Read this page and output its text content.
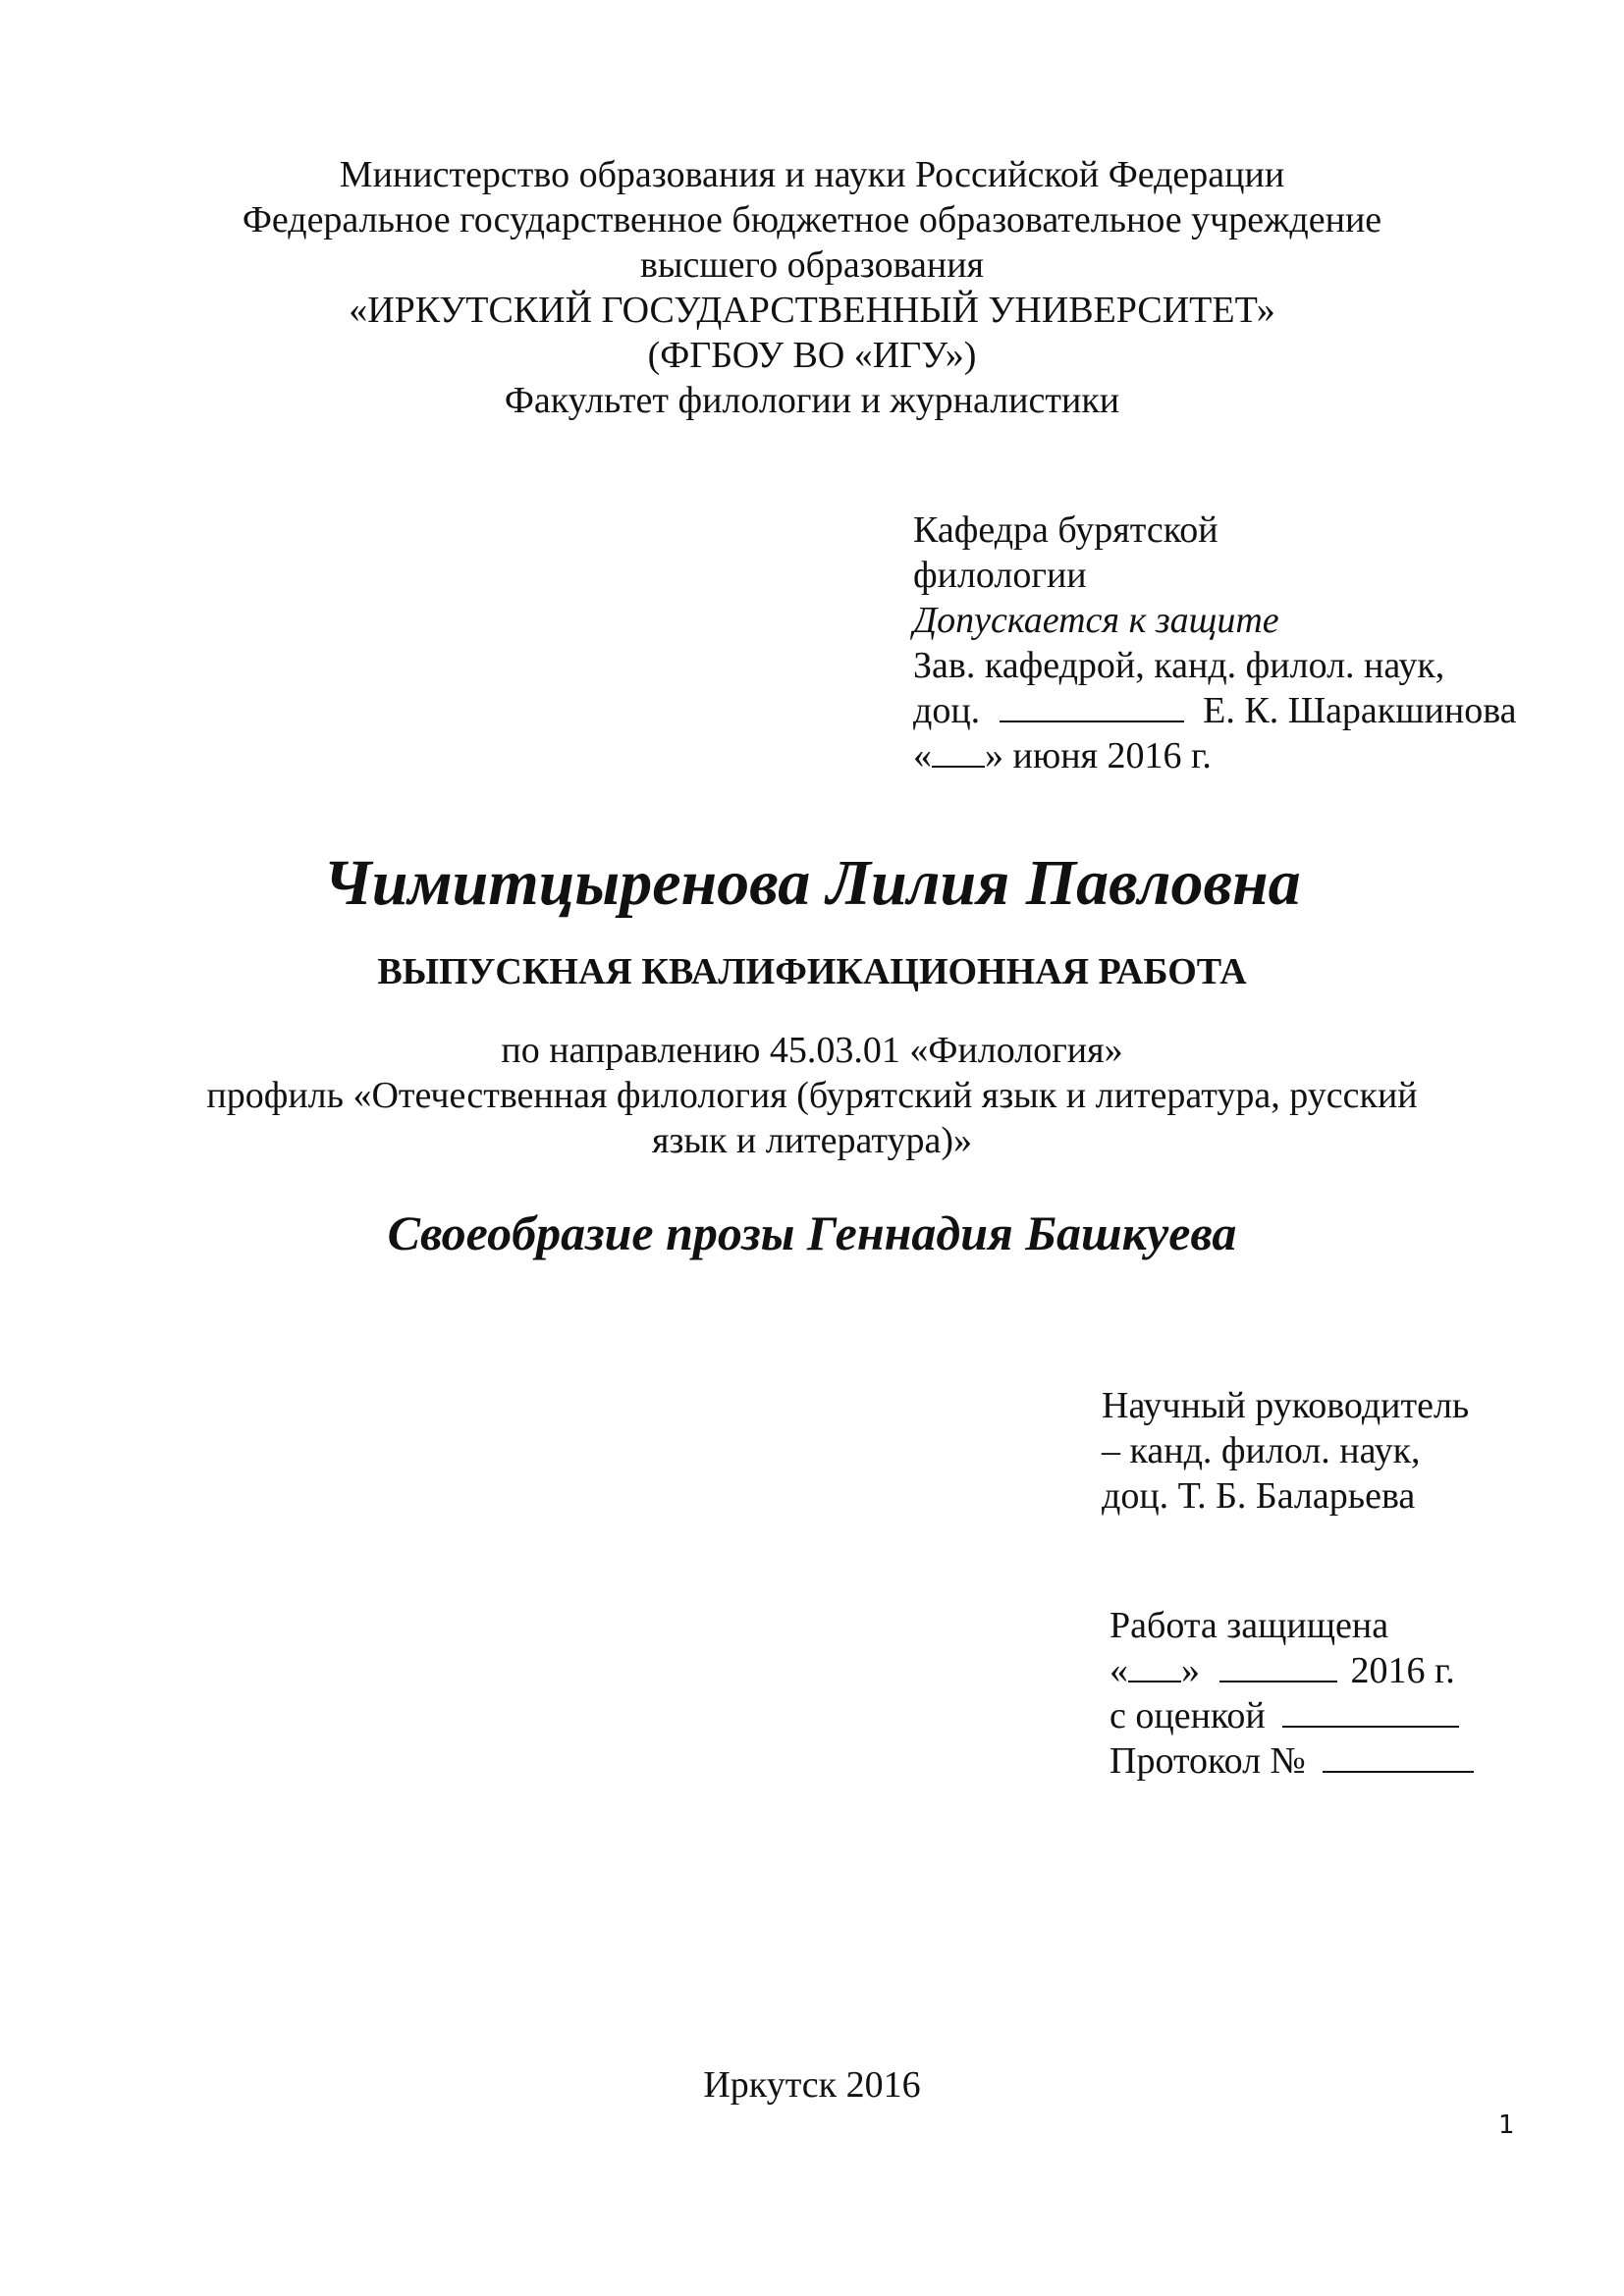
Министерство образования и науки Российской Федерации
Федеральное государственное бюджетное образовательное учреждение
высшего образования
«ИРКУТСКИЙ ГОСУДАРСТВЕННЫЙ УНИВЕРСИТЕТ»
(ФГБОУ ВО «ИГУ»)
Факультет филологии и журналистики
Кафедра бурятской
филологии
Допускается к защите
Зав. кафедрой, канд. филол. наук,
доц.	Е. К. Шаракшинова
« » июня 2016 г.
Чимитцыренова Лилия Павловна
ВЫПУСКНАЯ КВАЛИФИКАЦИОННАЯ РАБОТА
по направлению 45.03.01 «Филология»
профиль «Отечественная филология (бурятский язык и литература, русский
язык и литература)»
Своеобразие прозы Геннадия Башкуева
Научный руководитель
– канд. филол. наук,
доц. Т. Б. Баларьева
Работа защищена
« »	2016 г.
с оценкой
Протокол №
Иркутск 2016
1
